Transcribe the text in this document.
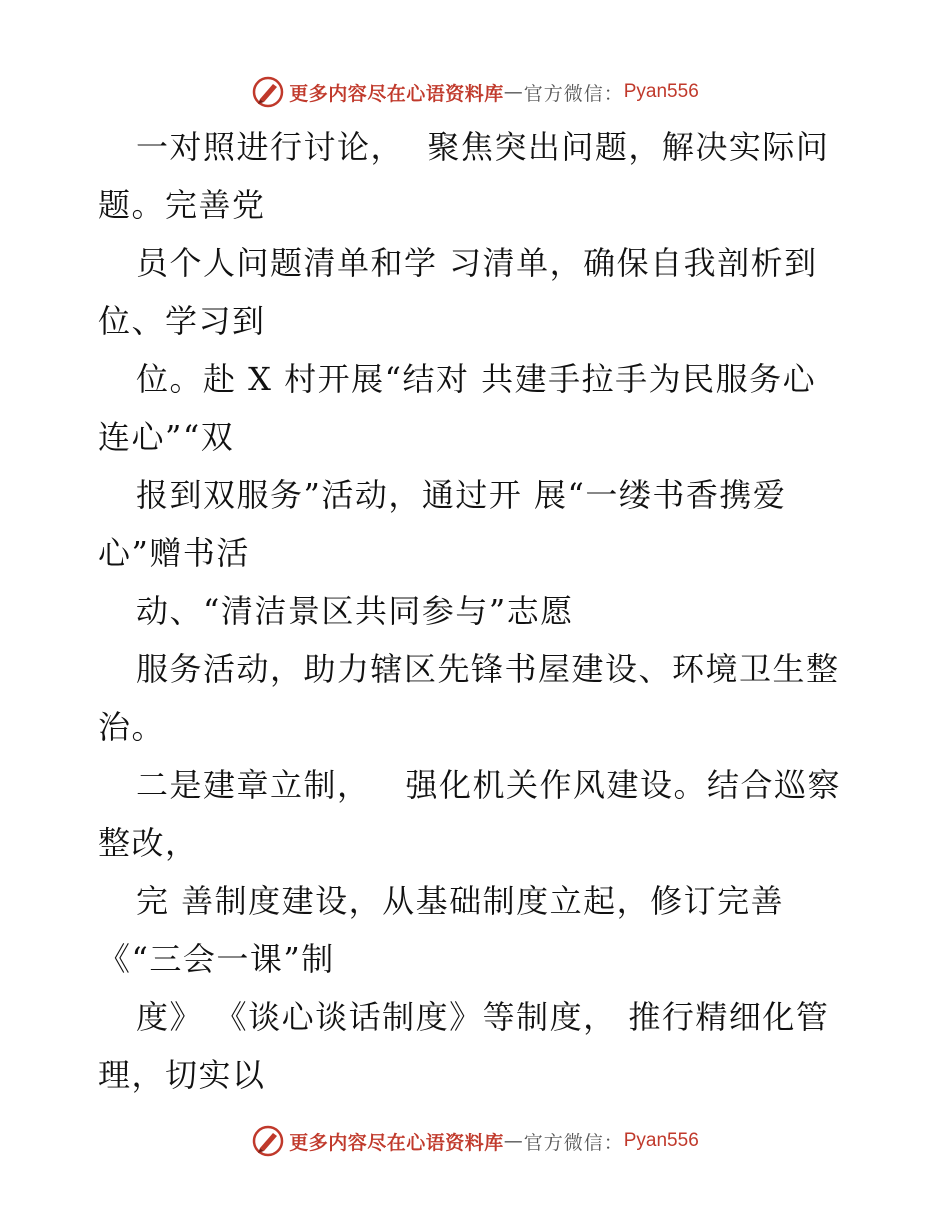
更多内容尽在心语资料库 — 官方微信： Pyan556
一对照进行讨论，  聚焦突出问题，解决实际问
题。完善党
员个人问题清单和学 习清单，确保自我剖析到
位、学习到
位。赴 X 村开展“结对 共建手拉手为民服务心
连心”“双
报到双服务”活动，通过开 展“一缕书香携爱
心”赠书活
动、“清洁景区共同参与”志愿
服务活动，助力辖区先锋书屋建设、环境卫生整
治。
二是建章立制，   强化机关作风建设。结合巡察
整改，
完 善制度建设，从基础制度立起，修订完善
《“三会一课”制
度》 《谈心谈话制度》等制度， 推行精细化管
理，切实以
更多内容尽在心语资料库 — 官方微信： Pyan556
